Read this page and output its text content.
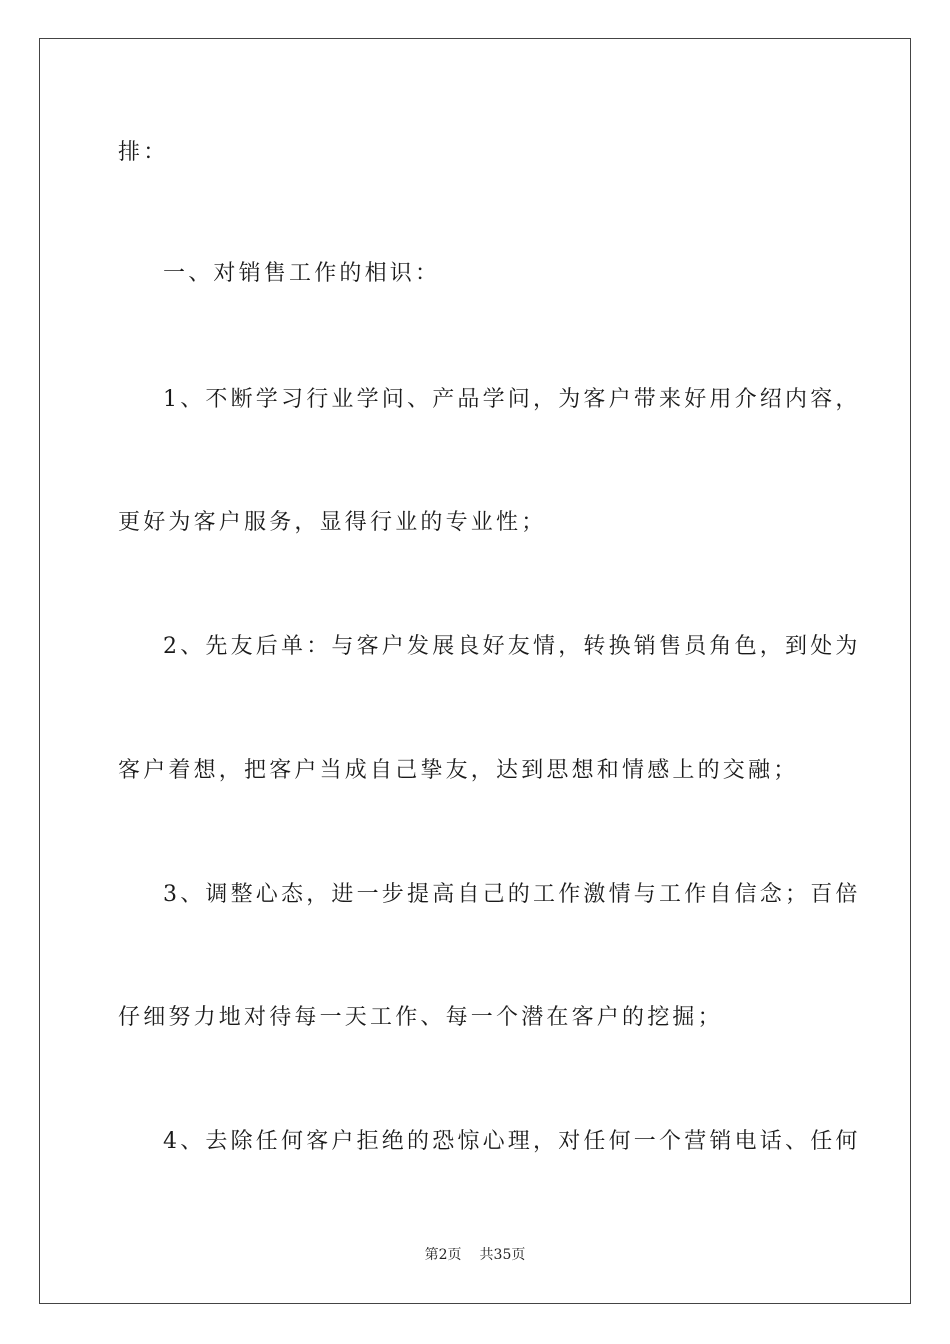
排：
一、对销售工作的相识：
1、不断学习行业学问、产品学问，为客户带来好用介绍内容，
更好为客户服务，显得行业的专业性；
2、先友后单：与客户发展良好友情，转换销售员角色，到处为
客户着想，把客户当成自己挚友，达到思想和情感上的交融；
3、调整心态，进一步提高自己的工作激情与工作自信念；百倍
仔细努力地对待每一天工作、每一个潜在客户的挖掘；
4、去除任何客户拒绝的恐惊心理，对任何一个营销电话、任何
第2页 共35页
